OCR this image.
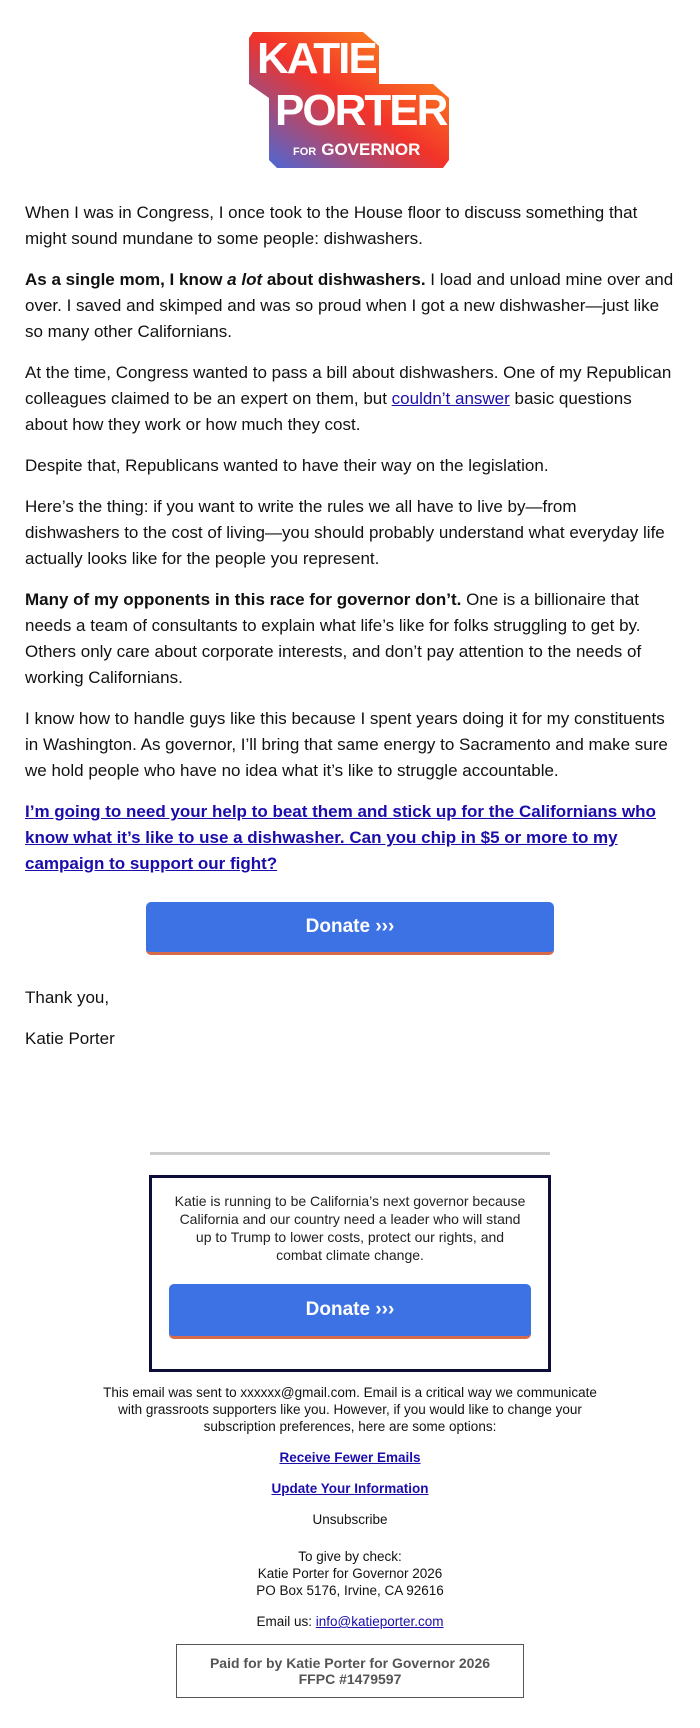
KATIE
PORTER
FOR GOVERNOR

When I was in Congress, I once took to the House floor to discuss something that might sound mundane to some people: dishwashers.

As a single mom, I know a lot about dishwashers. I load and unload mine over and over. I saved and skimped and was so proud when I got a new dishwasher—just like so many other Californians.

At the time, Congress wanted to pass a bill about dishwashers. One of my Republican colleagues claimed to be an expert on them, but couldn’t answer basic questions about how they work or how much they cost.

Despite that, Republicans wanted to have their way on the legislation.

Here’s the thing: if you want to write the rules we all have to live by—from dishwashers to the cost of living—you should probably understand what everyday life actually looks like for the people you represent.

Many of my opponents in this race for governor don’t. One is a billionaire that needs a team of consultants to explain what life’s like for folks struggling to get by. Others only care about corporate interests, and don’t pay attention to the needs of working Californians.

I know how to handle guys like this because I spent years doing it for my constituents in Washington. As governor, I’ll bring that same energy to Sacramento and make sure we hold people who have no idea what it’s like to struggle accountable.

I’m going to need your help to beat them and stick up for the Californians who know what it’s like to use a dishwasher. Can you chip in $5 or more to my campaign to support our fight?

Donate ›››

Thank you,

Katie Porter

Katie is running to be California’s next governor because California and our country need a leader who will stand up to Trump to lower costs, protect our rights, and combat climate change.

Donate ›››

This email was sent to xxxxxx@gmail.com. Email is a critical way we communicate with grassroots supporters like you. However, if you would like to change your subscription preferences, here are some options:

Receive Fewer Emails

Update Your Information

Unsubscribe

To give by check:
Katie Porter for Governor 2026
PO Box 5176, Irvine, CA 92616

Email us: info@katieporter.com

Paid for by Katie Porter for Governor 2026
FFPC #1479597
